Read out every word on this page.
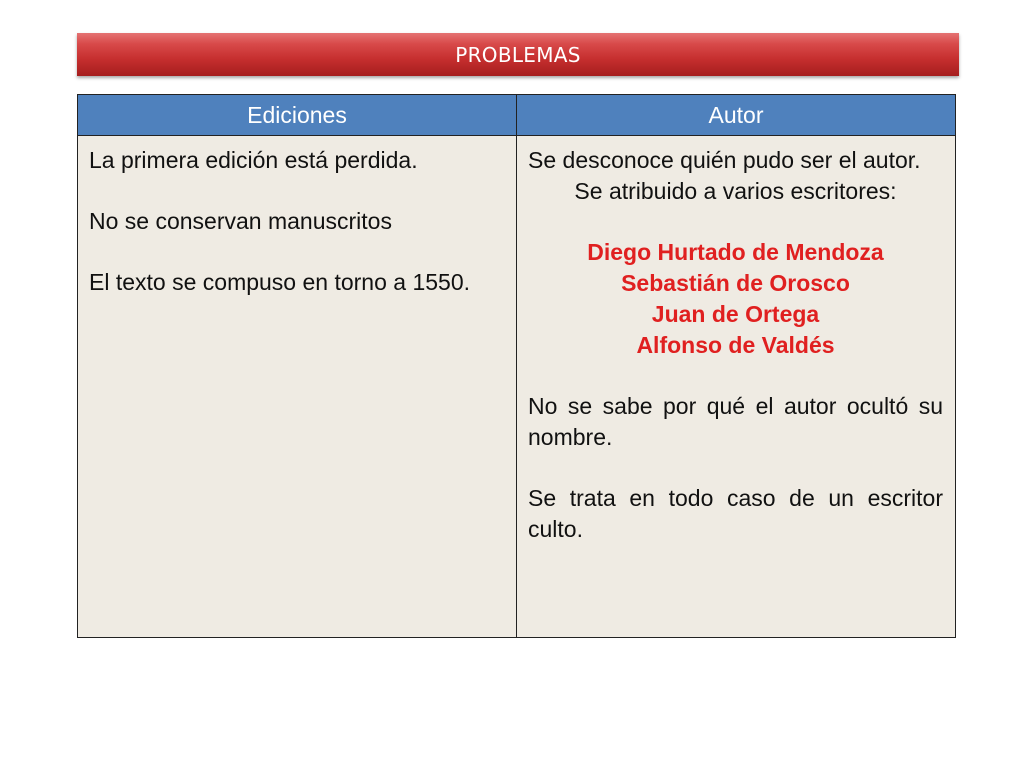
PROBLEMAS
Ediciones	Autor

La primera edición está perdida.

No se conservan manuscritos

El texto se compuso en torno a 1550.

Se desconoce quién pudo ser el autor.

Se atribuido a varios escritores:

Diego Hurtado de Mendoza
Sebastián de Orosco
Juan de Ortega
Alfonso de Valdés

No se sabe por qué el autor ocultó su nombre.

Se trata en todo caso de un escritor culto.
